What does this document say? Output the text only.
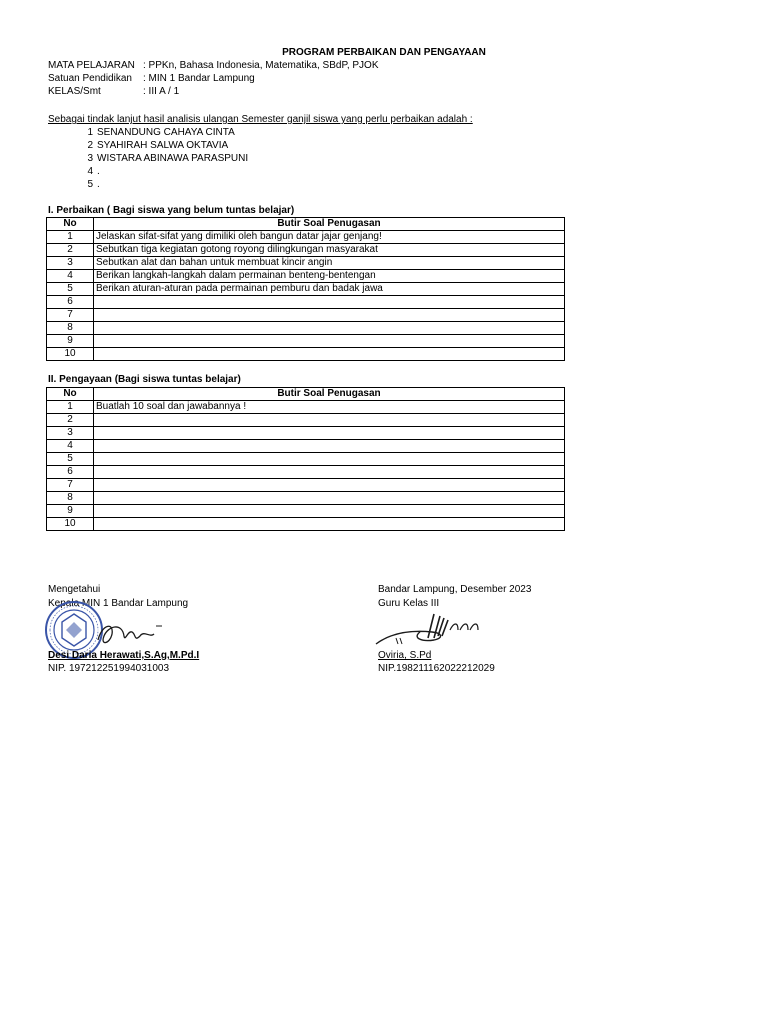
PROGRAM PERBAIKAN DAN PENGAYAAN
MATA PELAJARAN : PPKn, Bahasa Indonesia, Matematika, SBdP, PJOK
Satuan Pendidikan : MIN 1 Bandar Lampung
KELAS/Smt	: III A / 1
Sebagai tindak lanjut hasil analisis ulangan Semester ganjil siswa yang perlu perbaikan adalah :
1 SENANDUNG CAHAYA CINTA
2 SYAHIRAH SALWA OKTAVIA
3 WISTARA ABINAWA PARASPUNI
4 .
5 .
I. Perbaikan ( Bagi siswa yang belum tuntas belajar)
No	Butir Soal Penugasan
1	Jelaskan sifat-sifat yang dimiliki oleh bangun datar jajar genjang!
2	Sebutkan tiga kegiatan gotong royong dilingkungan masyarakat
3	Sebutkan alat dan bahan untuk membuat kincir angin
4	Berikan langkah-langkah dalam permainan benteng-bentengan
5	Berikan aturan-aturan pada permainan pemburu dan badak jawa
6	
7	
8	
9	
10	
II. Pengayaan (Bagi siswa tuntas belajar)
No	Butir Soal Penugasan
1	Buatlah 10 soal dan jawabannya !
2	
3	
4	
5	
6	
7	
8	
9	
10	
Mengetahui
Kepala MIN 1 Bandar Lampung
Desi Daria Herawati,S.Ag,M.Pd.I
NIP. 197212251994031003
Bandar Lampung, Desember 2023
Guru Kelas III
Oviria, S.Pd
NIP.198211162022212029
